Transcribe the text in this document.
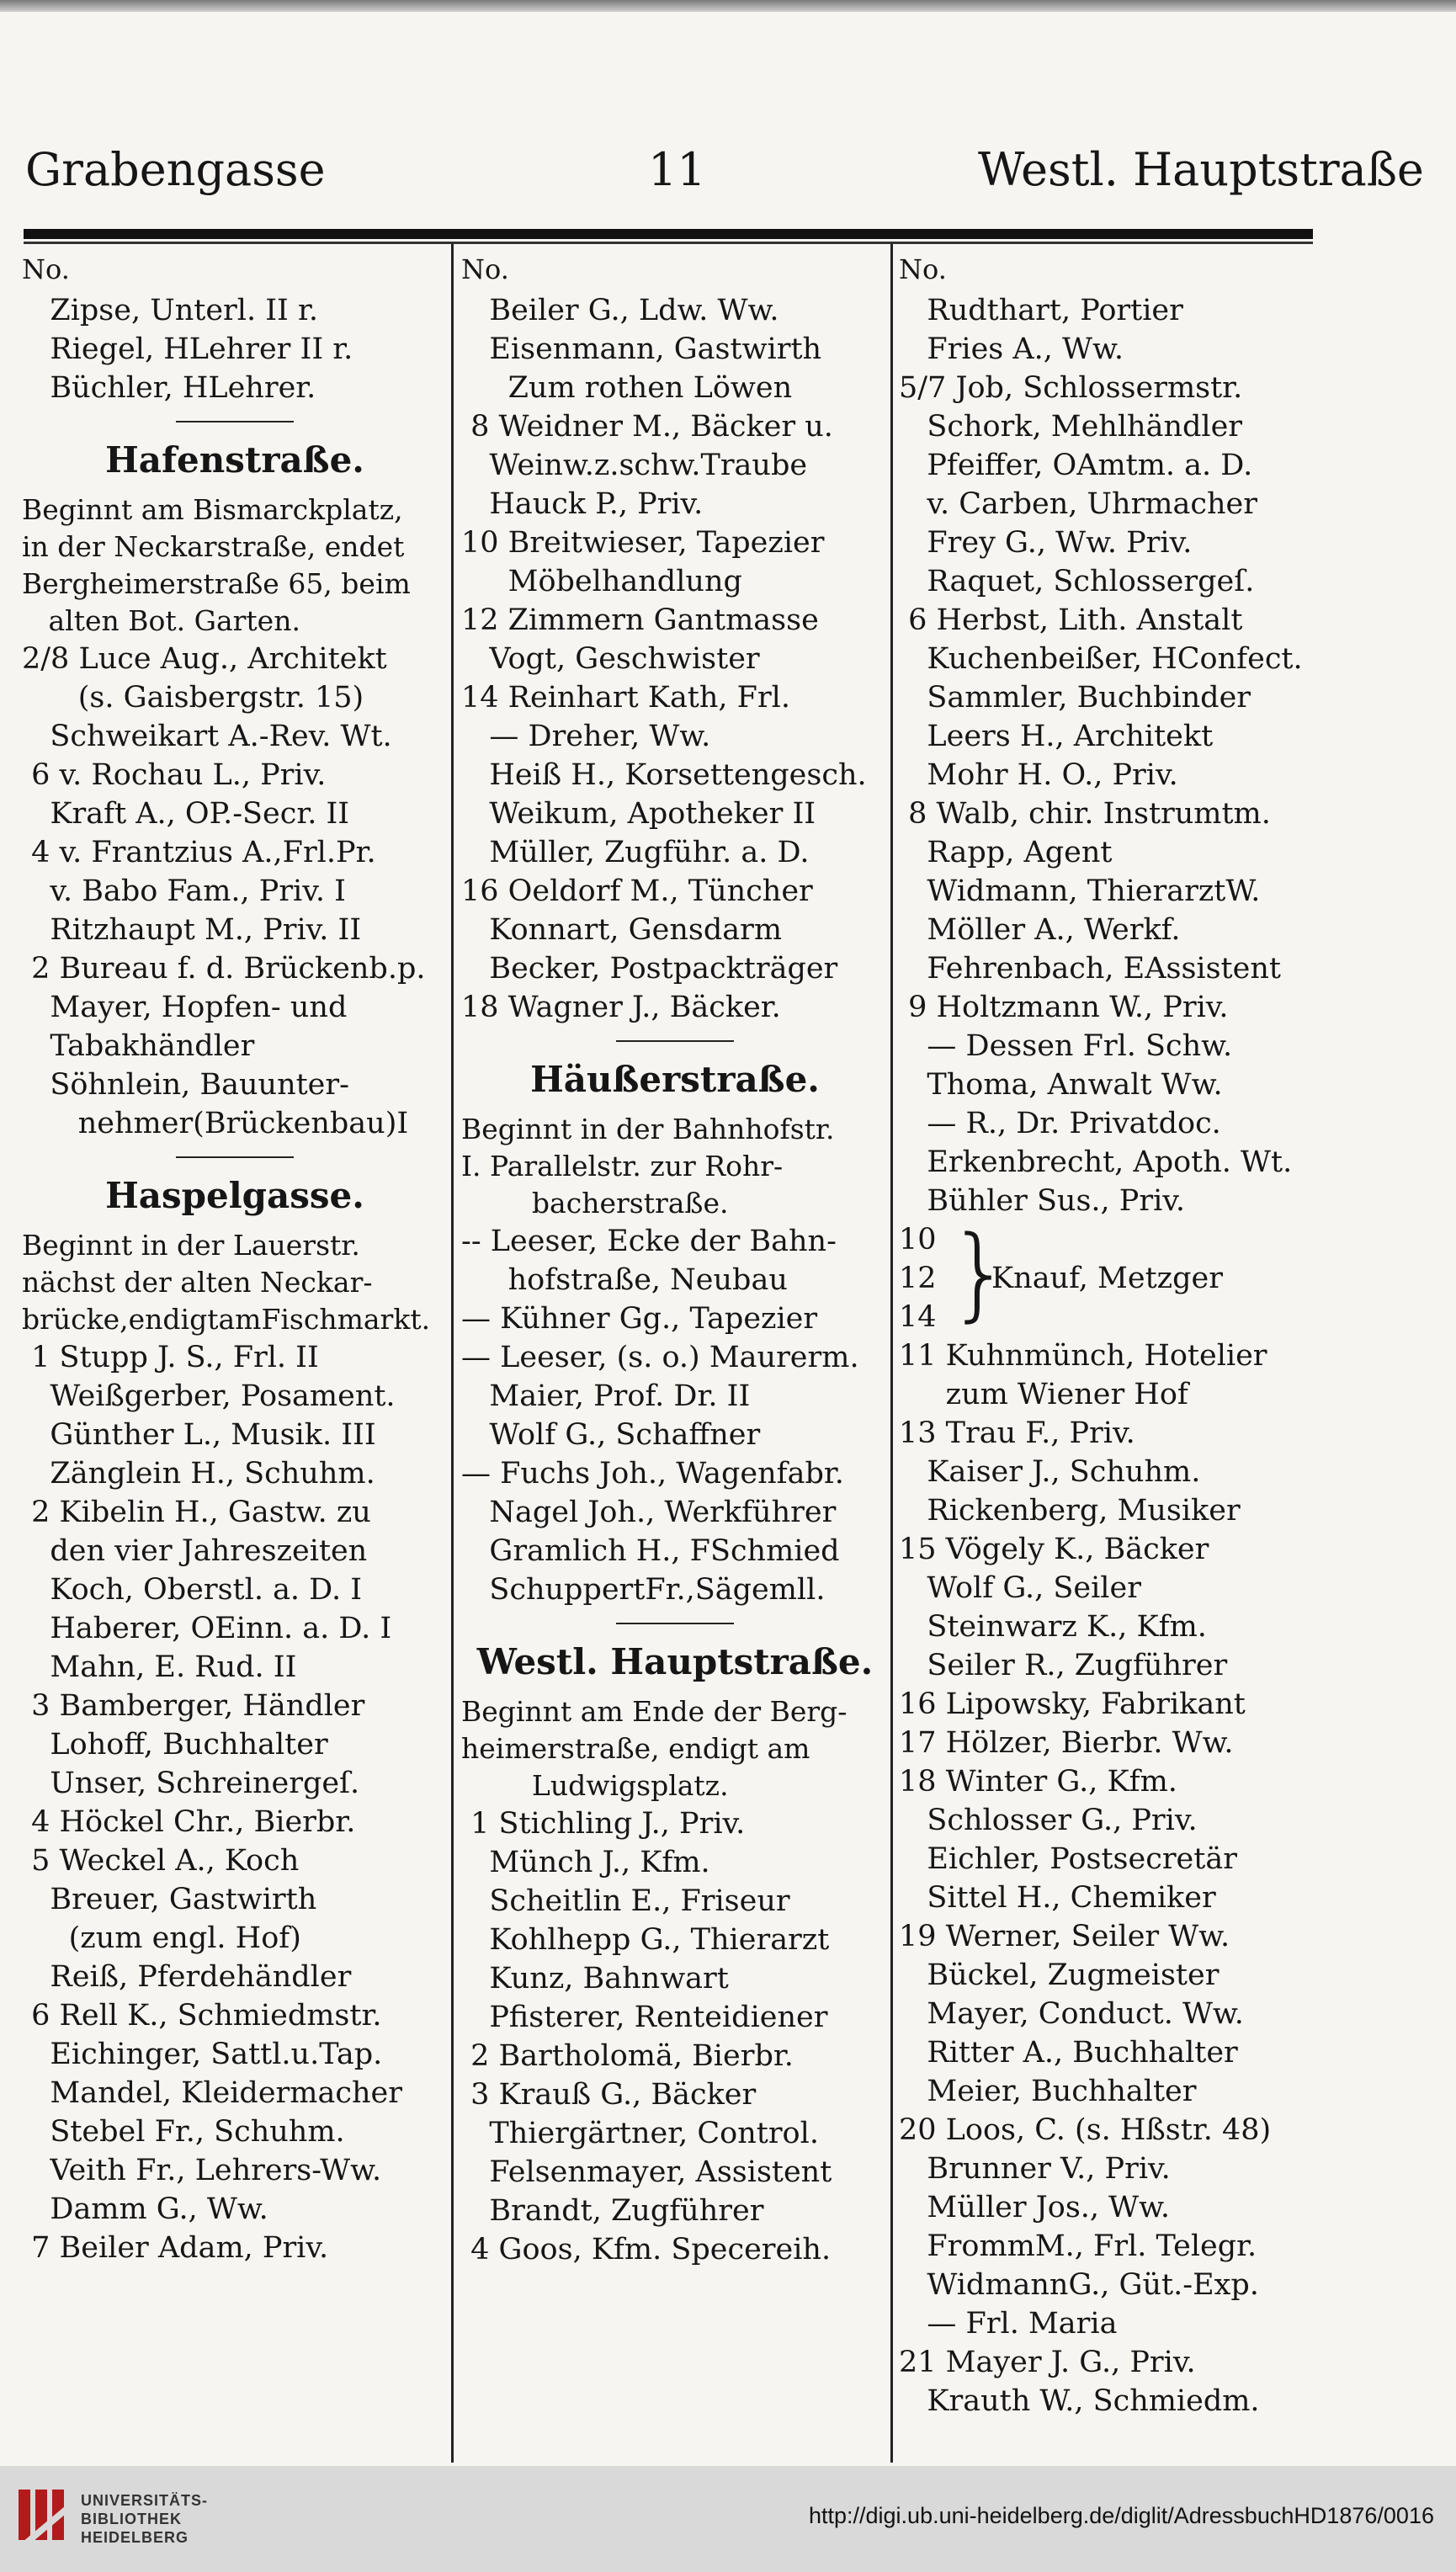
Grabengasse	11	Westl. Hauptstraße
No.
Zipse, Unterl. II r.
Riegel, HLehrer II r.
Büchler, HLehrer.
Hafenstraße.
Beginnt am Bismarckplatz,
in der Neckarstraße, endet
Bergheimerstraße 65, beim
alten Bot. Garten.
2/8 Luce Aug., Architekt
(s. Gaisbergstr. 15)
Schweikart A.-Rev. Wt.
6 v. Rochau L., Priv.
Kraft A., OP.-Secr. II
4 v. Frantzius A.,Frl.Pr.
v. Babo Fam., Priv. I
Ritzhaupt M., Priv. II
2 Bureau f. d. Brückenb.p.
Mayer, Hopfen- und
Tabakhändler
Söhnlein, Bauunter-
nehmer(Brückenbau)I
Haspelgasse.
Beginnt in der Lauerstr.
nächst der alten Neckar-
brücke,endigtamFischmarkt.
1 Stupp J. S., Frl. II
Weißgerber, Posament.
Günther L., Musik. III
Zänglein H., Schuhm.
2 Kibelin H., Gastw. zu
den vier Jahreszeiten
Koch, Oberstl. a. D. I
Haberer, OEinn. a. D. I
Mahn, E. Rud. II
3 Bamberger, Händler
Lohoff, Buchhalter
Unser, Schreinergeſ.
4 Höckel Chr., Bierbr.
5 Weckel A., Koch
Breuer, Gastwirth
(zum engl. Hof)
Reiß, Pferdehändler
6 Rell K., Schmiedmstr.
Eichinger, Sattl.u.Tap.
Mandel, Kleidermacher
Stebel Fr., Schuhm.
Veith Fr., Lehrers-Ww.
Damm G., Ww.
7 Beiler Adam, Priv.
No.
Beiler G., Ldw. Ww.
Eisenmann, Gastwirth
Zum rothen Löwen
8 Weidner M., Bäcker u.
Weinw.z.schw.Traube
Hauck P., Priv.
10 Breitwieser, Tapezier
Möbelhandlung
12 Zimmern Gantmasse
Vogt, Geschwister
14 Reinhart Kath, Frl.
— Dreher, Ww.
Heiß H., Korsettengesch.
Weikum, Apotheker II
Müller, Zugführ. a. D.
16 Oeldorf M., Tüncher
Konnart, Gensdarm
Becker, Postpackträger
18 Wagner J., Bäcker.
Häußerstraße.
Beginnt in der Bahnhofstr.
I. Parallelstr. zur Rohr-
bacherstraße.
-- Leeser, Ecke der Bahn-
hofstraße, Neubau
— Kühner Gg., Tapezier
— Leeser, (s. o.) Maurerm.
Maier, Prof. Dr. II
Wolf G., Schaffner
— Fuchs Joh., Wagenfabr.
Nagel Joh., Werkführer
Gramlich H., FSchmied
SchuppertFr.,Sägemll.
Westl. Hauptstraße.
Beginnt am Ende der Berg-
heimerstraße, endigt am
Ludwigsplatz.
1 Stichling J., Priv.
Münch J., Kfm.
Scheitlin E., Friseur
Kohlhepp G., Thierarzt
Kunz, Bahnwart
Pfisterer, Renteidiener
2 Bartholomä, Bierbr.
3 Krauß G., Bäcker
Thiergärtner, Control.
Felsenmayer, Assistent
Brandt, Zugführer
4 Goos, Kfm. Specereih.
No.
Rudthart, Portier
Fries A., Ww.
5/7 Job, Schlossermstr.
Schork, Mehlhändler
Pfeiffer, OAmtm. a. D.
v. Carben, Uhrmacher
Frey G., Ww. Priv.
Raquet, Schlossergeſ.
6 Herbst, Lith. Anstalt
Kuchenbeißer, HConfect.
Sammler, Buchbinder
Leers H., Architekt
Mohr H. O., Priv.
8 Walb, chir. Instrumtm.
Rapp, Agent
Widmann, ThierarztW.
Möller A., Werkf.
Fehrenbach, EAssistent
9 Holtzmann W., Priv.
— Dessen Frl. Schw.
Thoma, Anwalt Ww.
— R., Dr. Privatdoc.
Erkenbrecht, Apoth. Wt.
Bühler Sus., Priv.
10
12
14 }
Knauf, Metzger
11 Kuhnmünch, Hotelier
zum Wiener Hof
13 Trau F., Priv.
Kaiser J., Schuhm.
Rickenberg, Musiker
15 Vögely K., Bäcker
Wolf G., Seiler
Steinwarz K., Kfm.
Seiler R., Zugführer
16 Lipowsky, Fabrikant
17 Hölzer, Bierbr. Ww.
18 Winter G., Kfm.
Schlosser G., Priv.
Eichler, Postsecretär
Sittel H., Chemiker
19 Werner, Seiler Ww.
Bückel, Zugmeister
Mayer, Conduct. Ww.
Ritter A., Buchhalter
Meier, Buchhalter
20 Loos, C. (s. Hßstr. 48)
Brunner V., Priv.
Müller Jos., Ww.
FrommM., Frl. Telegr.
WidmannG., Güt.-Exp.
— Frl. Maria
21 Mayer J. G., Priv.
Krauth W., Schmiedm.
UNIVERSITÄTS-
BIBLIOTHEK
HEIDELBERG
http://digi.ub.uni-heidelberg.de/diglit/AdressbuchHD1876/0016
